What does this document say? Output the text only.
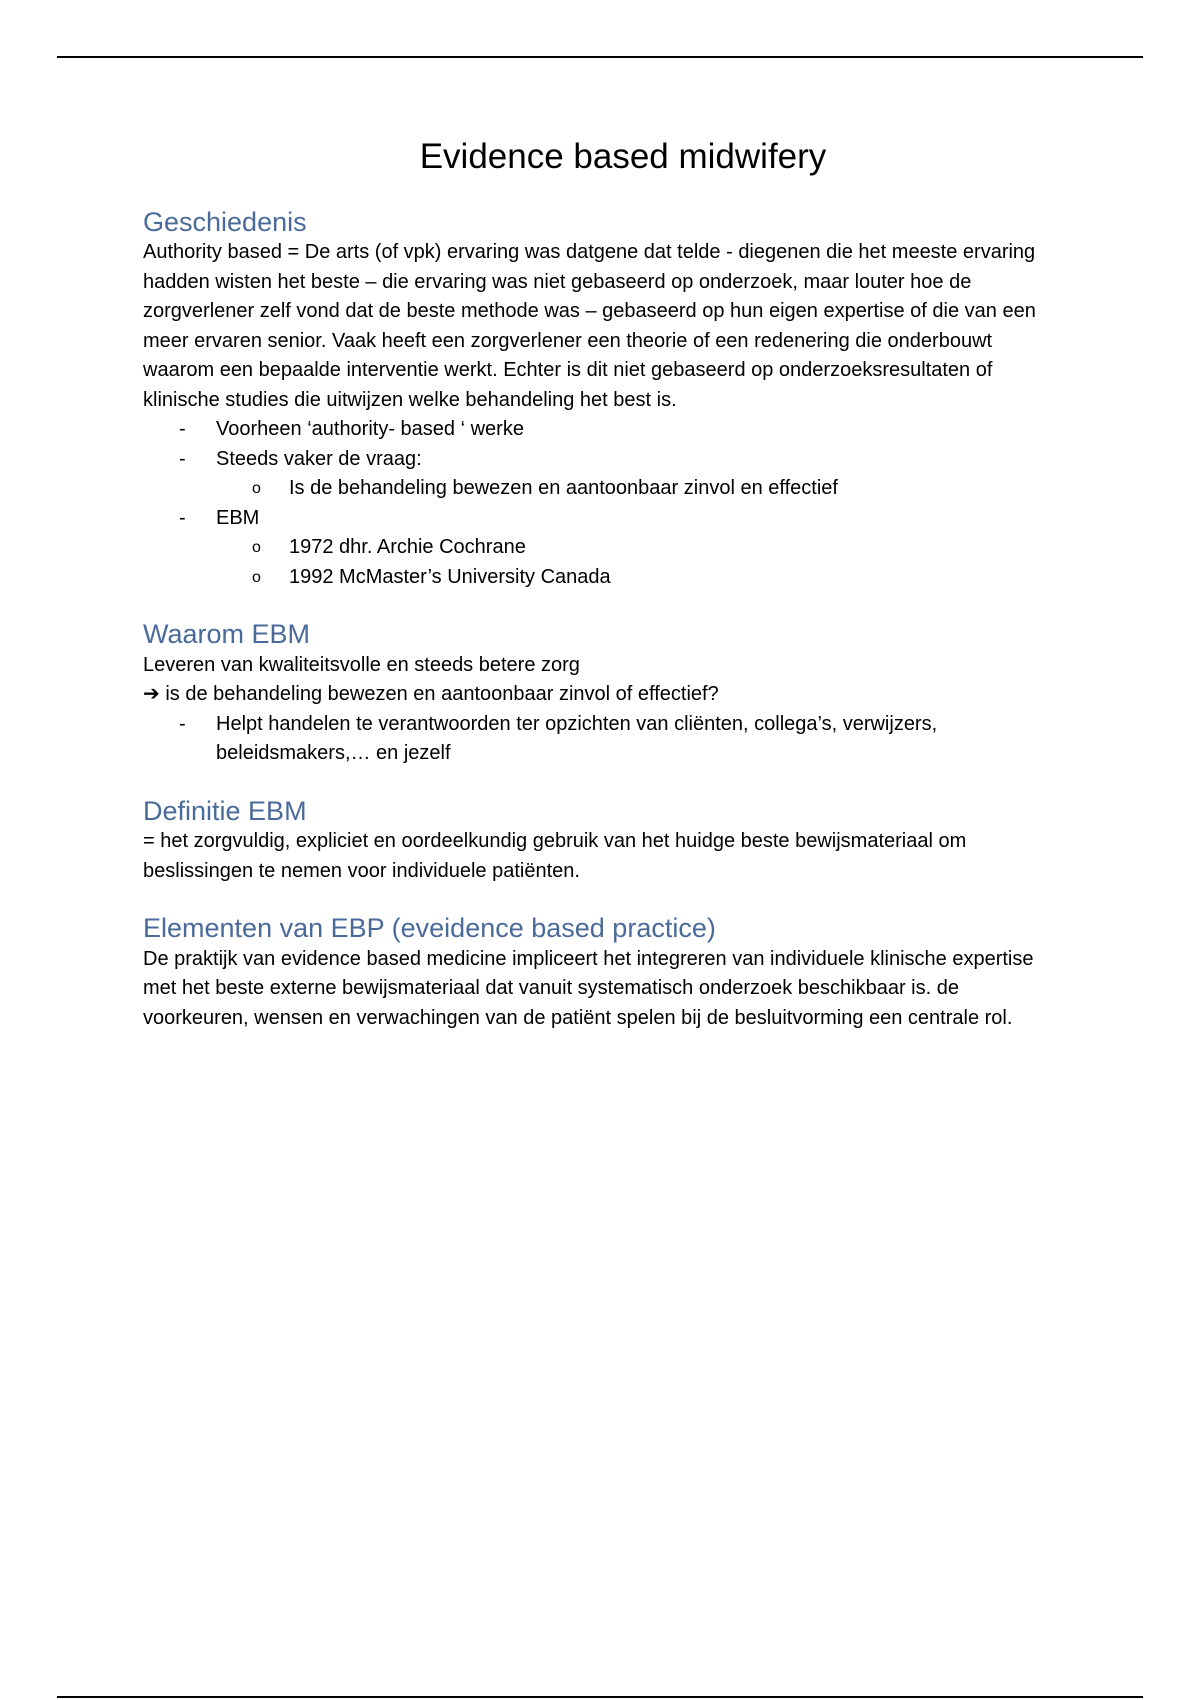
Evidence based midwifery
Geschiedenis

Authority based = De arts (of vpk) ervaring was datgene dat telde - diegenen die het meeste ervaring hadden wisten het beste – die ervaring was niet gebaseerd op onderzoek, maar louter hoe de zorgverlener zelf vond dat de beste methode was – gebaseerd op hun eigen expertise of die van een meer ervaren senior. Vaak heeft een zorgverlener een theorie of een redenering die onderbouwt waarom een bepaalde interventie werkt. Echter is dit niet gebaseerd op onderzoeksresultaten of klinische studies die uitwijzen welke behandeling het best is.

- Voorheen ‘authority- based ‘ werke
- Steeds vaker de vraag:
o Is de behandeling bewezen en aantoonbaar zinvol en effectief
- EBM
o 1972 dhr. Archie Cochrane
o 1992 McMaster’s University Canada
Waarom EBM

Leveren van kwaliteitsvolle en steeds betere zorg

➔ is de behandeling bewezen en aantoonbaar zinvol of effectief?
- Helpt handelen te verantwoorden ter opzichten van cliënten, collega’s, verwijzers, beleidsmakers,… en jezelf
Definitie EBM

= het zorgvuldig, expliciet en oordeelkundig gebruik van het huidge beste bewijsmateriaal om beslissingen te nemen voor individuele patiënten.

Elementen van EBP (eveidence based practice)

De praktijk van evidence based medicine impliceert het integreren van individuele klinische expertise met het beste externe bewijsmateriaal dat vanuit systematisch onderzoek beschikbaar is. de voorkeuren, wensen en verwachingen van de patiënt spelen bij de besluitvorming een centrale rol.
